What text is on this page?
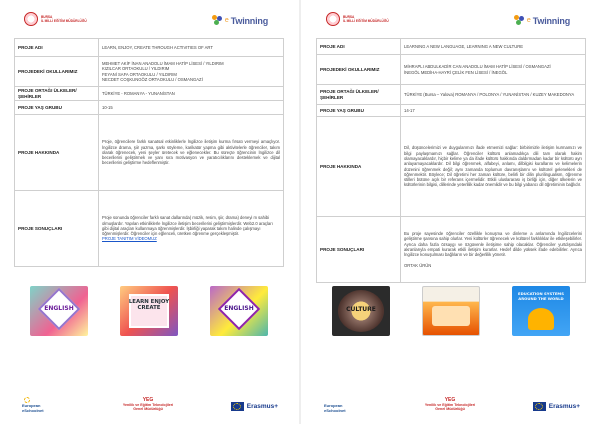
BURSA
İL MİLLİ EĞİTİM MÜDÜRLÜĞÜ	e Twinning
PROJE ADI	LEARN, ENJOY, CREATE THROUGH ACTIVITIES OF ART
PROJEDEKİ OKULLARIMIZ	MEHMET AKİF İNAN ANADOLU İMAM HATİP LİSESİ / YILDIRIM
KIZILCAR ORTAOKULU / YILDIRIM
FEYANİ SAFA ORTAOKULU / YILDIRIM
NECDET COŞKUNGÖZ ORTAOKULU / OSMANGAZİ
PROJE ORTAĞI ÜLKELER/ŞEHİRLER	TÜRKİYE - ROMANYA - YUNANİSTAN
PROJE YAŞ GRUBU	10-15
PROJE HAKKINDA	Proje, öğrencilere farklı sanatsal etkinliklerle İngilizce iletişim kurma fırsatı vermeyi amaçlıyor. İngilizce drama, şiir yazma, şarkı söyleme, karikatür yapma gibi aktivitelerle öğrenciler, takım olarak öğrenecek, yeni şeyler üretecek ve eğlenecekler. Bu süreçte öğrencinin İngilizce dil becerilerini geliştirmek ve yanı sıra motivasyon ve yaratıcılıklarını desteklemek ve dijital becerilerini geliştirme hedeflenmiştir.
PROJE SONUÇLARI	Proje sonunda öğrenciler farklı sanat dallarında( müzik, resim, şiir, drama) deneyi m sahibi olmuşlardır. Yapılan etkinliklerle İngilizce iletişim becerilerini geliştirmişlerdir. Web2.0 araçları gibi dijital araçları kullanmaya öğrenmişlerdir. İşbirliği yaparak takım halinde çalışmayı öğrenmişlerdir. Öğrenciler için eğlenceli, üretken öğrenme gerçekleşmiştir.
PROJE TANITIM VİDEOMUZ
ENGLISH
LEARN ENJOY CREATE	ENGLISH
European
eSchoolnet
YEG
Yenilik ve Eğitim Teknolojileri
Genel Müdürlüğü	Erasmus+
BURSA
İL MİLLİ EĞİTİM MÜDÜRLÜĞÜ	e Twinning
PROJE ADI	LEARNING A NEW LANGUAGE, LEARNING A NEW CULTURE
PROJEDEKİ OKULLARIMIZ	MİHRAPLI ABDULKADİR CAN ANADOLU İMAM HATİP LİSESİ / OSMANGAZİ
İNEGÖL MEDİHA-HAYRİ ÇELİK FEN LİSESİ / İNEGÖL
PROJE ORTAĞI ÜLKELER/ŞEHİRLER	TÜRKİYE (Bursa – Yalova) ROMANYA / POLONYA / YUNANİSTAN / KUZEY MAKEDONYA
PROJE YAŞ GRUBU	14-17
PROJE HAKKINDA	Dil, düşüncelerimizi ve duygularımızı ifade etmemizi sağlar: birbirimizle iletişim kurmamızı ve bilgi paylaşmamızı sağlar. Öğrenciler kültürü anlamadıkça dili tam olarak hakim olamayacaklardır, hiçbir kelime ya da ifade kültürü hakkında daldırmadan kadar bir kültürü ayrı anlayamayacaklardır. Dil bilgi öğrenmek, alfabeyi, anlamı, dilbilgisi kurallarını ve kelimelerin düzenini öğrenmek değil; aynı zamanda toplumun davranışlarını ve kültürel gelenekleri de öğrenmektir. Böylece; Dil öğretimi her zaman kültüre, belirli bir dilin plurilingualism, öğrenme stilleri bütüne açık bir referans içermelidir. Etkili uluslararası iş birliği için, diğer ülkelerin ve kültürlerinin bilgisi, dillerinde yeterlilik kadar önemlidir ve bu bilgi yabancı dil öğretiminin bağlıdır.
PROJE SONUÇLARI	Bu proje sayesinde öğrenciler özellikle konuşma ve dinleme a anlamında İngilizcelerini geliştirme şansına sahip olurlar. Yeni kültürler öğrenecek ve kültürel farklılıklar ile etkileşebilirler. Ayrıca daha fazla özsaygı ve özgüvenle iletişime sahip olacaklar. Öğrenciler yurtdışındaki akranlarıyla empati kurarak etkili iletişim kurarlar. Hedef dilde yüksek ifade edebilirler. Ayrıca İngilizce konuşulması bağlıların ve bir değerlilik yönetir.

ORTAK ÜRÜN
CULTURE
EDUCATION SYSTEMS AROUND THE WORLD
European
eSchoolnet
YEG
Yenilik ve Eğitim Teknolojileri
Genel Müdürlüğü	Erasmus+
